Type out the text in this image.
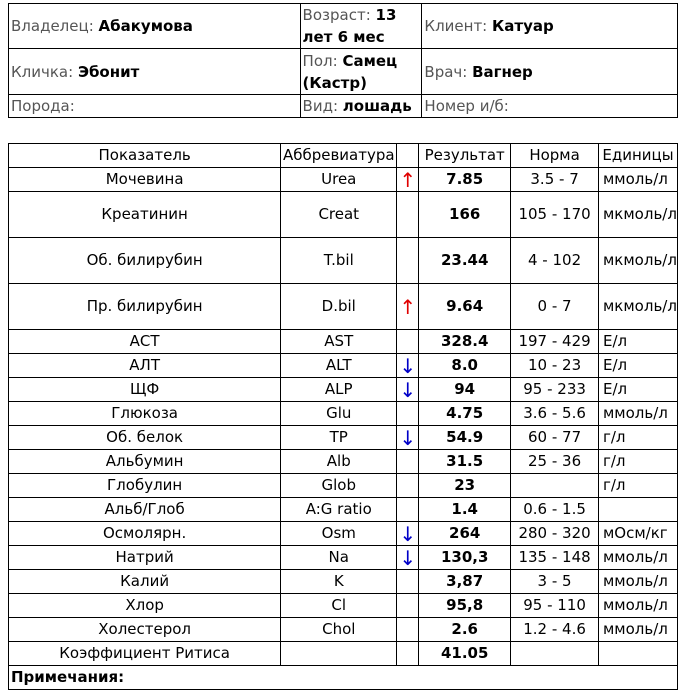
Владелец: Абакумова	Возраст: 13 лет 6 мес	Клиент: Катуар
Кличка: Эбонит	Пол: Самец (Кастр)	Врач: Вагнер
Порода:	Вид: лошадь	Номер и/б:
Показатель	Аббревиатура		Результат	Норма	Единицы
Мочевина	Urea	↑	7.85	3.5 - 7	ммоль/л
Креатинин	Creat		166	105 - 170	мкмоль/л
Об. билирубин	T.bil		23.44	4 - 102	мкмоль/л
Пр. билирубин	D.bil	↑	9.64	0 - 7	мкмоль/л
АСТ	AST		328.4	197 - 429	Е/л
АЛТ	ALT	↓	8.0	10 - 23	Е/л
ЩФ	ALP	↓	94	95 - 233	Е/л
Глюкоза	Glu		4.75	3.6 - 5.6	ммоль/л
Об. белок	TP	↓	54.9	60 - 77	г/л
Альбумин	Alb		31.5	25 - 36	г/л
Глобулин	Glob		23		г/л
Альб/Глоб	A:G ratio		1.4	0.6 - 1.5	
Осмолярн.	Osm	↓	264	280 - 320	мОсм/кг
Натрий	Na	↓	130,3	135 - 148	ммоль/л
Калий	K		3,87	3 - 5	ммоль/л
Хлор	Cl		95,8	95 - 110	ммоль/л
Холестерол	Chol		2.6	1.2 - 4.6	ммоль/л
Коэффициент Ритиса			41.05		
Примечания:					
